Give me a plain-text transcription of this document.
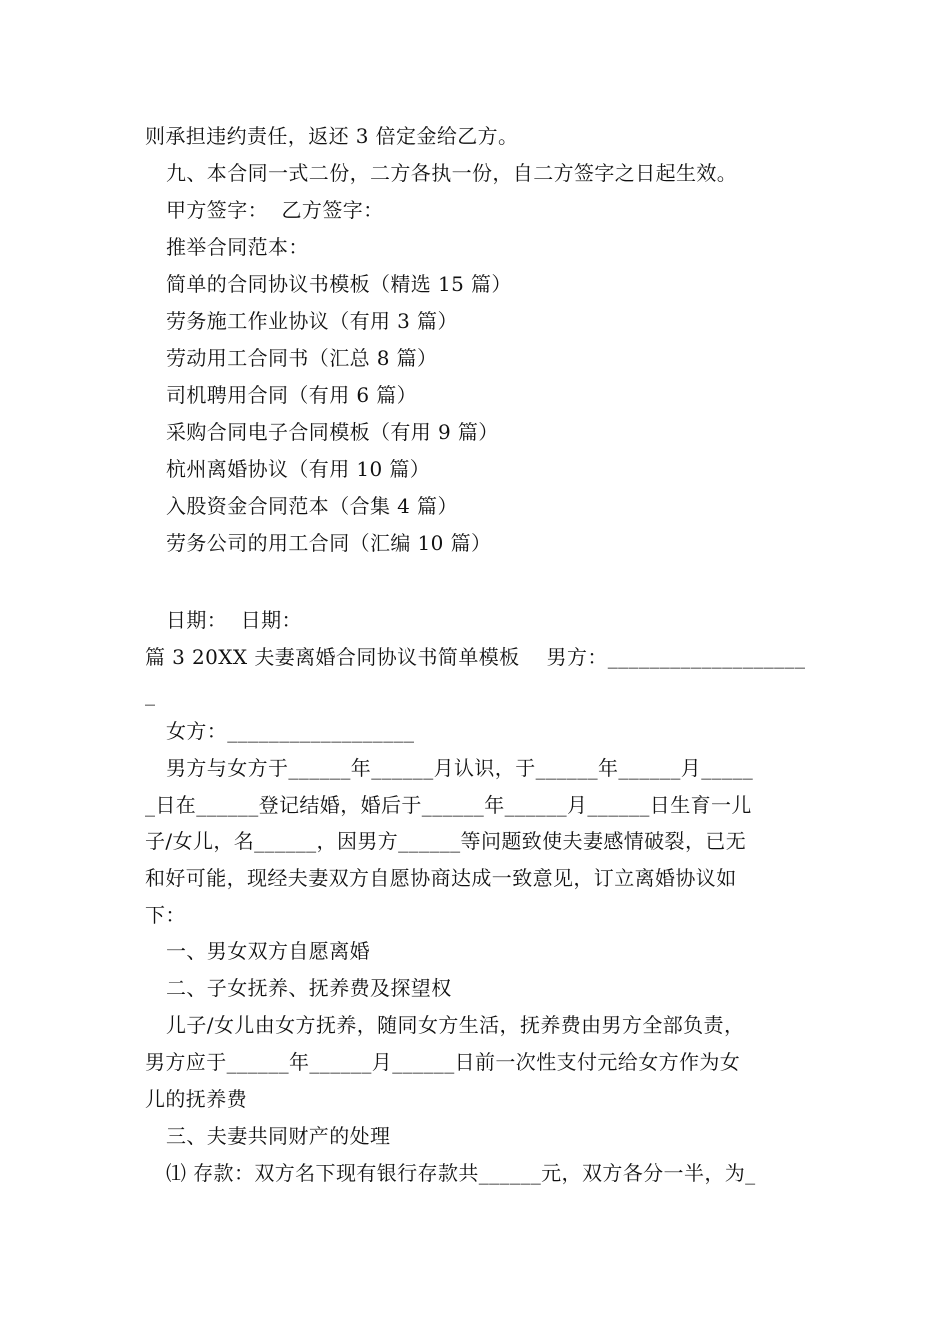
则承担违约责任，返还 3 倍定金给乙方。
九、本合同一式二份，二方各执一份，自二方签字之日起生效。
甲方签字：  乙方签字：
推举合同范本：
简单的合同协议书模板（精选 15 篇）
劳务施工作业协议（有用 3 篇）
劳动用工合同书（汇总 8 篇）
司机聘用合同（有用 6 篇）
采购合同电子合同模板（有用 9 篇）
杭州离婚协议（有用 10 篇）
入股资金合同范本（合集 4 篇）
劳务公司的用工合同（汇编 10 篇）
日期：  日期：
篇 3 20XX 夫妻离婚合同协议书简单模板    男方：___________________
_
女方：__________________
男方与女方于______年______月认识，于______年______月_____
_日在______登记结婚，婚后于______年______月______日生育一儿
子/女儿，名______，因男方______等问题致使夫妻感情破裂，已无
和好可能，现经夫妻双方自愿协商达成一致意见，订立离婚协议如
下：
一、男女双方自愿离婚
二、子女抚养、抚养费及探望权
儿子/女儿由女方抚养，随同女方生活，抚养费由男方全部负责，
男方应于______年______月______日前一次性支付元给女方作为女
儿的抚养费
三、夫妻共同财产的处理
⑴ 存款：双方名下现有银行存款共______元，双方各分一半，为_
